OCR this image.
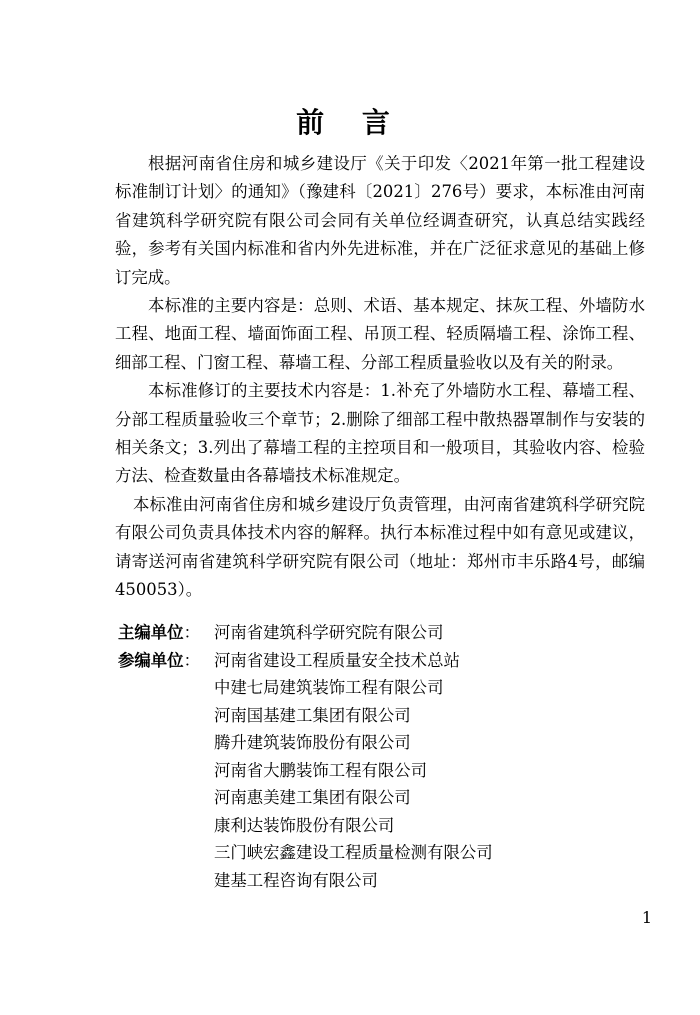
前 言

根据河南省住房和城乡建设厅《关于印发〈2021年第一批工程建设标准制订计划〉的通知》（豫建科〔2021〕276号）要求，本标准由河南省建筑科学研究院有限公司会同有关单位经调查研究，认真总结实践经验，参考有关国内标准和省内外先进标准，并在广泛征求意见的基础上修订完成。

本标准的主要内容是：总则、术语、基本规定、抹灰工程、外墙防水工程、地面工程、墙面饰面工程、吊顶工程、轻质隔墙工程、涂饰工程、细部工程、门窗工程、幕墙工程、分部工程质量验收以及有关的附录。

本标准修订的主要技术内容是：1.补充了外墙防水工程、幕墙工程、分部工程质量验收三个章节；2.删除了细部工程中散热器罩制作与安装的相关条文；3.列出了幕墙工程的主控项目和一般项目，其验收内容、检验方法、检查数量由各幕墙技术标准规定。

本标准由河南省住房和城乡建设厅负责管理，由河南省建筑科学研究院有限公司负责具体技术内容的解释。执行本标准过程中如有意见或建议，请寄送河南省建筑科学研究院有限公司（地址：郑州市丰乐路4号，邮编450053）。

主编单位： 河南省建筑科学研究院有限公司
参编单位： 河南省建设工程质量安全技术总站
中建七局建筑装饰工程有限公司
河南国基建工集团有限公司
腾升建筑装饰股份有限公司
河南省大鹏装饰工程有限公司
河南惠美建工集团有限公司
康利达装饰股份有限公司
三门峡宏鑫建设工程质量检测有限公司
建基工程咨询有限公司
1
